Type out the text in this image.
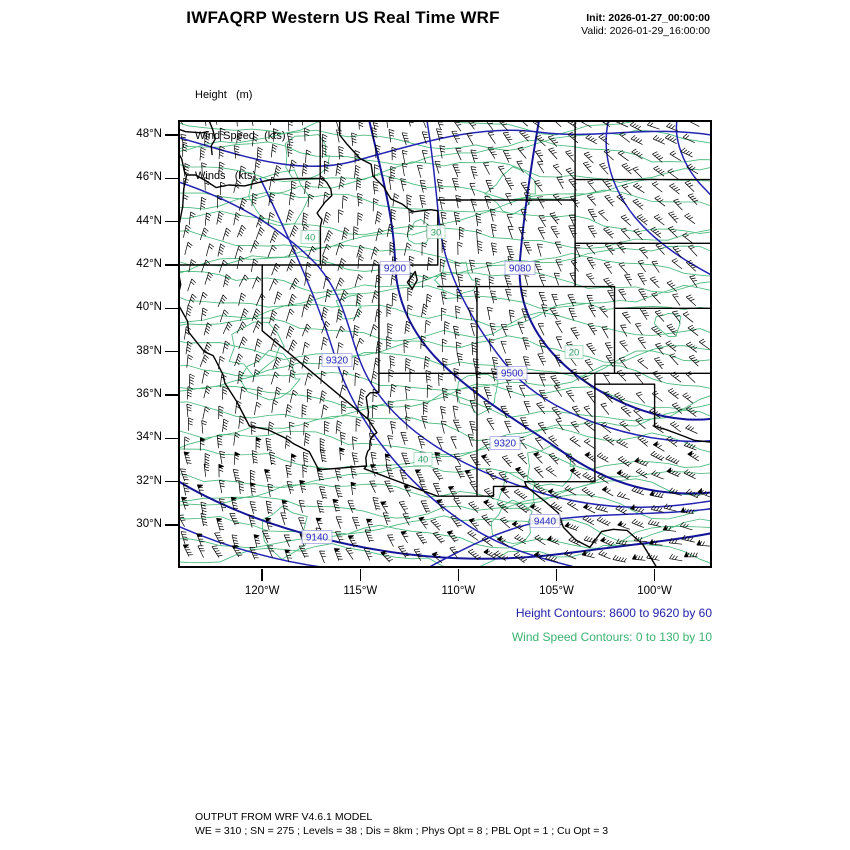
IWFAQRP Western US Real Time WRF	Init: 2026-01-27_00:00:00
Valid: 2026-01-29_16:00:00

Height   (m)

Wind Speed   (kts)

Winds   (kts)

9200	9080
9320
9500
9320
9140
9440
40	30
20
40
Height Contours: 8600 to 9620 by 60
Wind Speed Contours: 0 to 130 by 10
OUTPUT FROM WRF V4.6.1 MODEL
WE = 310 ; SN = 275 ; Levels = 38 ; Dis = 8km ; Phys Opt = 8 ; PBL Opt = 1 ; Cu Opt = 3
48°N
46°N
44°N
42°N
40°N
38°N
36°N
34°N
32°N
30°N
120°W	115°W	110°W	105°W	100°W
